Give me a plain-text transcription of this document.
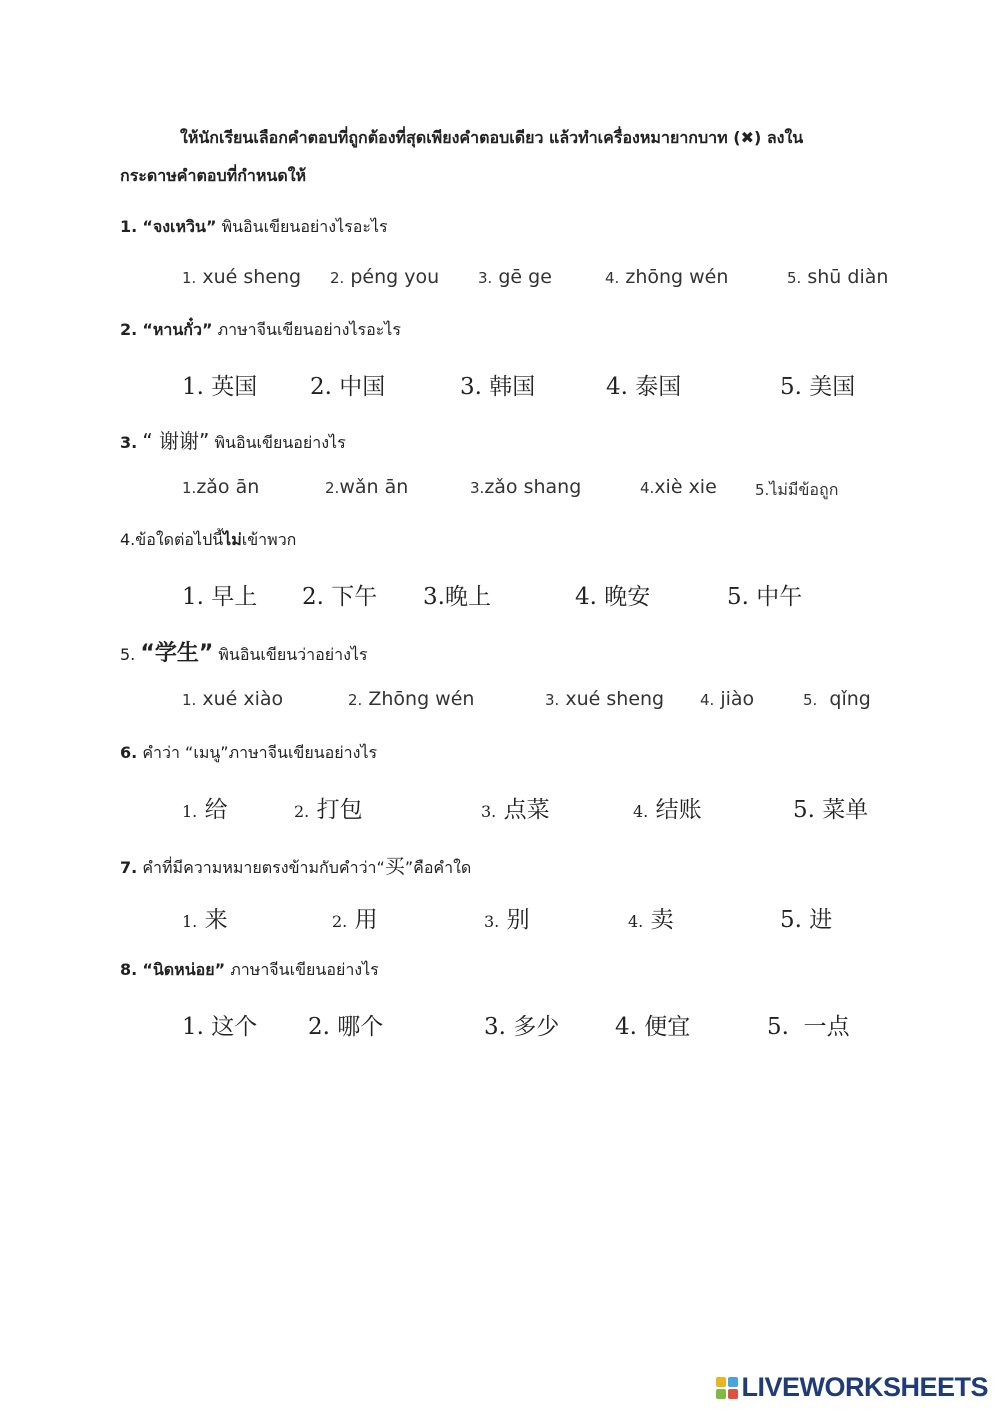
ให้นักเรียนเลือกคำตอบที่ถูกต้องที่สุดเพียงคำตอบเดียว แล้วทำเครื่องหมายากบาท (✖) ลงใน
กระดาษคำตอบที่กำหนดให้
1. “จงเหวิน” พินอินเขียนอย่างไรอะไร
1. xué sheng 2. péng you	3. gē ge	4. zhōng wén	5. shū diàn
2. “หานกั๋ว” ภาษาจีนเขียนอย่างไรอะไร
1. 英国 2. 中国	3. 韩国	4. 泰国	5. 美国
3. “ 谢谢” พินอินเขียนอย่างไร
1.zǎo ān	2.wǎn ān	3.zǎo shang	4.xiè xie	5.ไม่มีข้อถูก
4.ข้อใดต่อไปนี้ไม่เข้าพวก
1. 早上 2. 下午 3.晚上	4. 晚安	5. 中午
5. “学生” พินอินเขียนว่าอย่างไร
1. xué xiào	2. Zhōng wén	3. xué sheng 4. jiào	5. qǐng
6. คำว่า “เมนู”ภาษาจีนเขียนอย่างไร
1. 给	2. 打包	3. 点菜	4. 结账	5. 菜单
7. คำที่มีความหมายตรงข้ามกับคำว่า“买”คือคำใด
1. 来	2. 用	3. 别	4. 卖	5. 进
8. “นิดหน่อย” ภาษาจีนเขียนอย่างไร
1. 这个 2. 哪个	3. 多少 4. 便宜	5. 一点
LIVEWORKSHEETS
